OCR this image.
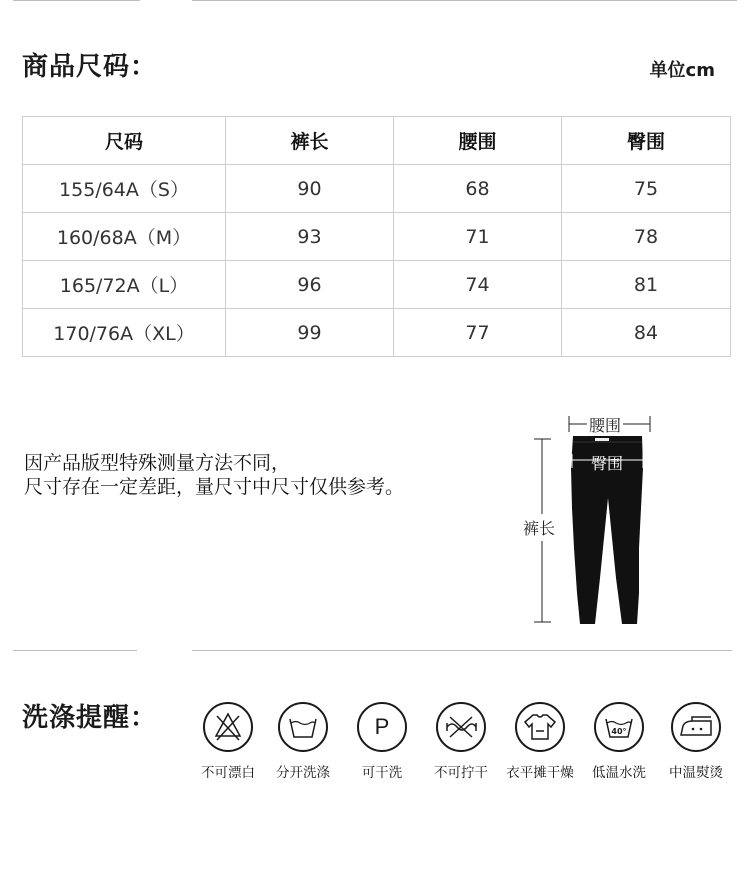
商品尺码：	单位cm
尺码	裤长	腰围	臀围
155/64A（S）	90	68	75
160/68A（M）	93	71	78
165/72A（L）	96	74	81
170/76A（XL）	99	77	84
因产品版型特殊测量方法不同，
尺寸存在一定差距，量尺寸中尺寸仅供参考。
腰围
臀围
裤长
洗涤提醒：
不可漂白	分开洗涤
P
可干洗	不可拧干	衣平摊干燥
40°
低温水洗	中温熨烫
